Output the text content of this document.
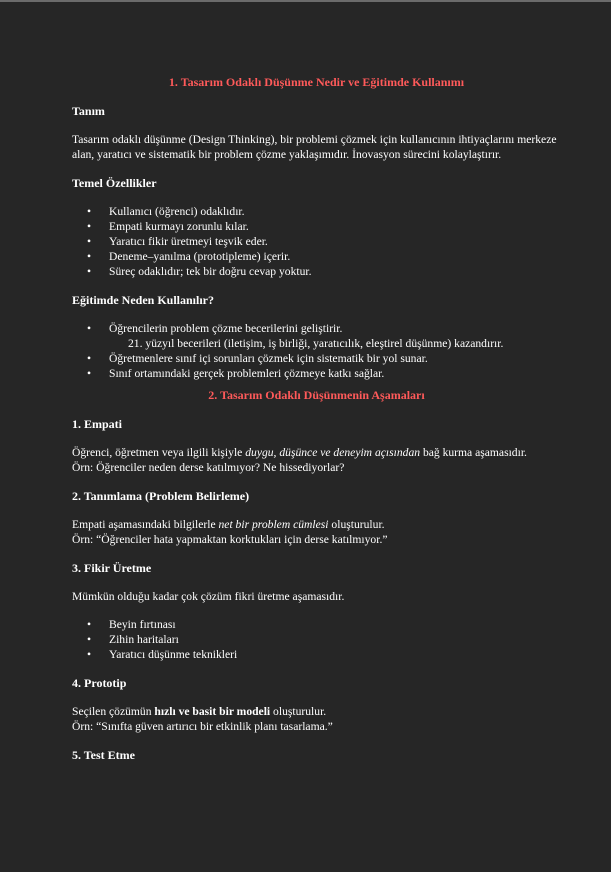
1. Tasarım Odaklı Düşünme Nedir ve Eğitimde Kullanımı

Tanım

Tasarım odaklı düşünme (Design Thinking), bir problemi çözmek için kullanıcının ihtiyaçlarını merkeze alan, yaratıcı ve sistematik bir problem çözme yaklaşımıdır. İnovasyon sürecini kolaylaştırır.

Temel Özellikler

• Kullanıcı (öğrenci) odaklıdır.
• Empati kurmayı zorunlu kılar.
• Yaratıcı fikir üretmeyi teşvik eder.
• Deneme–yanılma (prototipleme) içerir.
• Süreç odaklıdır; tek bir doğru cevap yoktur.

Eğitimde Neden Kullanılır?

• Öğrencilerin problem çözme becerilerini geliştirir.
21. yüzyıl becerileri (iletişim, iş birliği, yaratıcılık, eleştirel düşünme) kazandırır.
• Öğretmenlere sınıf içi sorunları çözmek için sistematik bir yol sunar.
• Sınıf ortamındaki gerçek problemleri çözmeye katkı sağlar.

2. Tasarım Odaklı Düşünmenin Aşamaları

1. Empati

Öğrenci, öğretmen veya ilgili kişiyle duygu, düşünce ve deneyim açısından bağ kurma aşamasıdır.

Örn: Öğrenciler neden derse katılmıyor? Ne hissediyorlar?

2. Tanımlama (Problem Belirleme)

Empati aşamasındaki bilgilerle net bir problem cümlesi oluşturulur.

Örn: “Öğrenciler hata yapmaktan korktukları için derse katılmıyor.”

3. Fikir Üretme

Mümkün olduğu kadar çok çözüm fikri üretme aşamasıdır.

• Beyin fırtınası
• Zihin haritaları
• Yaratıcı düşünme teknikleri

4. Prototip

Seçilen çözümün hızlı ve basit bir modeli oluşturulur.

Örn: “Sınıfta güven artırıcı bir etkinlik planı tasarlama.”

5. Test Etme
